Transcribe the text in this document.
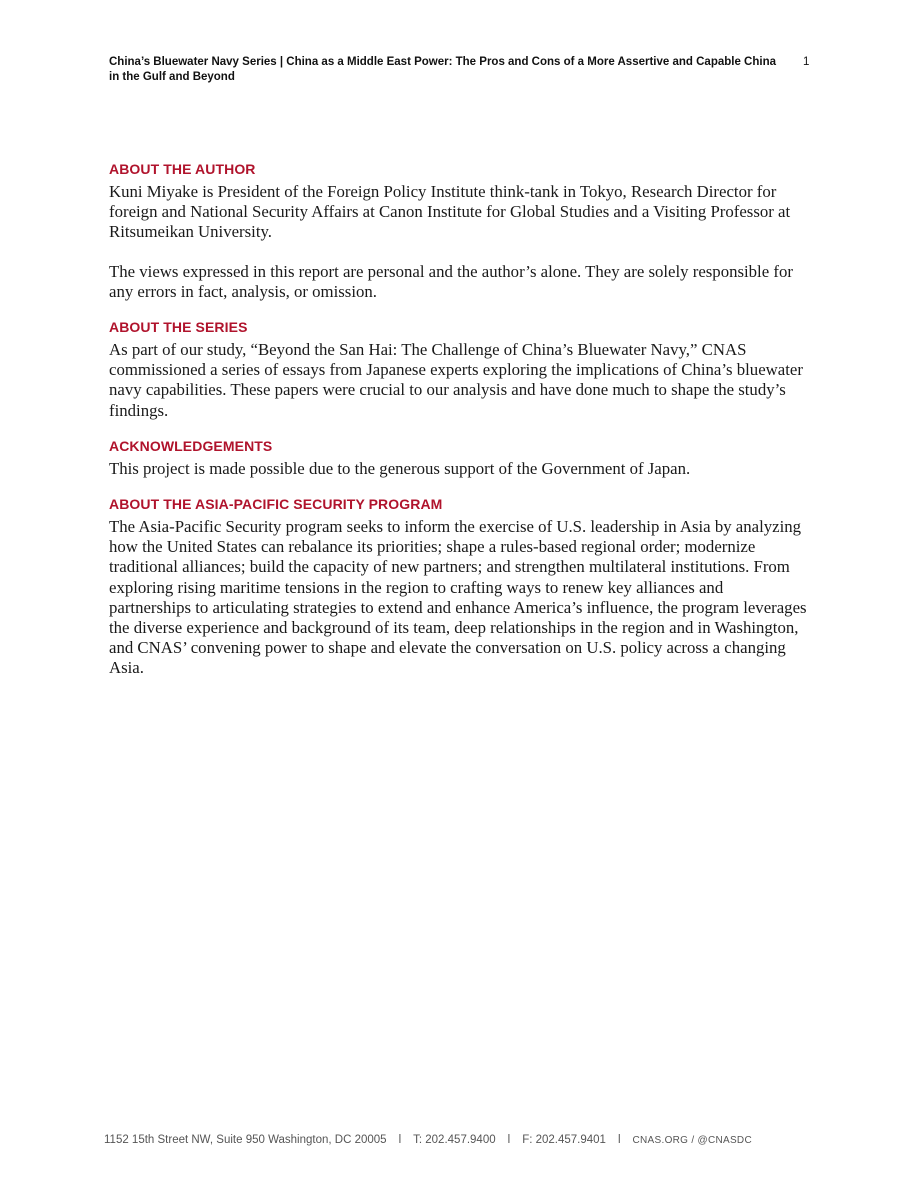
China’s Bluewater Navy Series | China as a Middle East Power: The Pros and Cons of a More Assertive and Capable China in the Gulf and Beyond
1
ABOUT THE AUTHOR

Kuni Miyake is President of the Foreign Policy Institute think-tank in Tokyo, Research Director for foreign and National Security Affairs at Canon Institute for Global Studies and a Visiting Professor at Ritsumeikan University.

The views expressed in this report are personal and the author’s alone. They are solely responsible for any errors in fact, analysis, or omission.

ABOUT THE SERIES

As part of our study, “Beyond the San Hai: The Challenge of China’s Bluewater Navy,” CNAS commissioned a series of essays from Japanese experts exploring the implications of China’s bluewater navy capabilities. These papers were crucial to our analysis and have done much to shape the study’s findings.

ACKNOWLEDGEMENTS

This project is made possible due to the generous support of the Government of Japan.

ABOUT THE ASIA-PACIFIC SECURITY PROGRAM

The Asia-Pacific Security program seeks to inform the exercise of U.S. leadership in Asia by analyzing how the United States can rebalance its priorities; shape a rules-based regional order; modernize traditional alliances; build the capacity of new partners; and strengthen multilateral institutions. From exploring rising maritime tensions in the region to crafting ways to renew key alliances and partnerships to articulating strategies to extend and enhance America’s influence, the program leverages the diverse experience and background of its team, deep relationships in the region and in Washington, and CNAS’ convening power to shape and elevate the conversation on U.S. policy across a changing Asia.

1152 15th Street NW, Suite 950 Washington, DC 20005 l T: 202.457.9400 l F: 202.457.9401 l CNAS.ORG / @CNASDC
